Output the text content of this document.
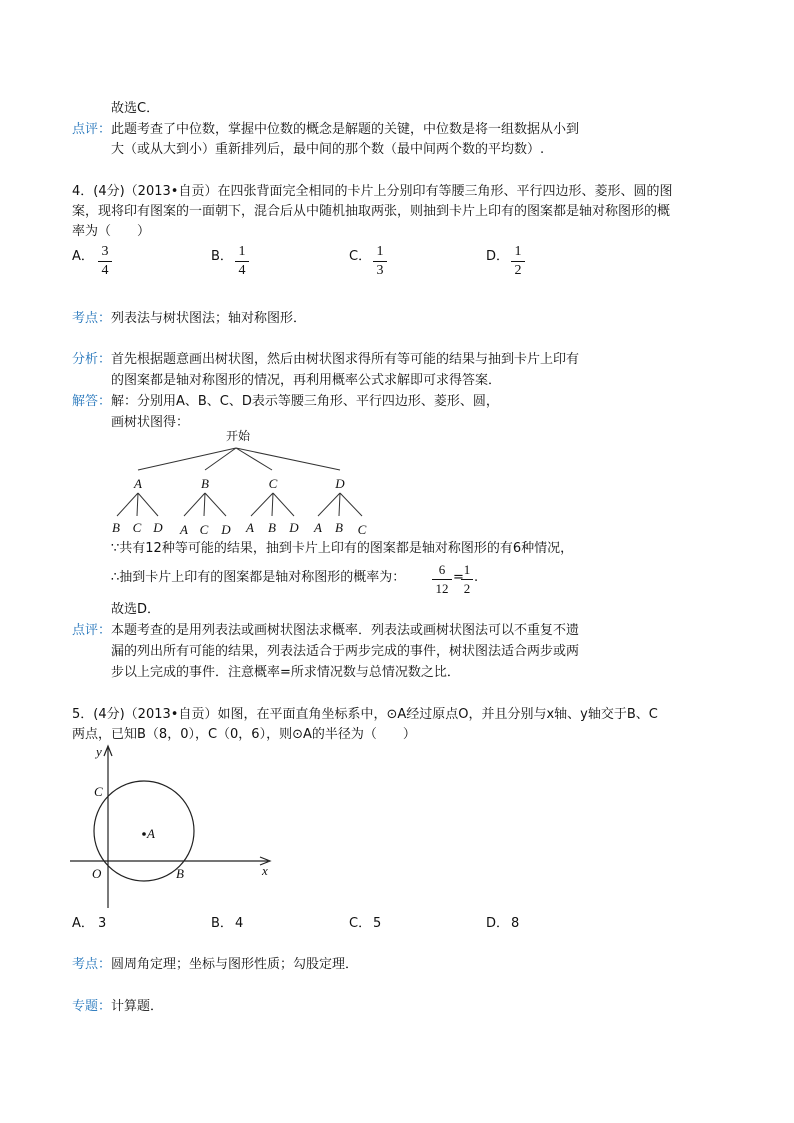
故选C．
点评： 此题考查了中位数，掌握中位数的概念是解题的关键，中位数是将一组数据从小到
大（或从大到小）重新排列后，最中间的那个数（最中间两个数的平均数）.
4．(4分)（2013•自贡）在四张背面完全相同的卡片上分别印有等腰三角形、平行四边形、菱形、圆的图
案，现将印有图案的一面朝下，混合后从中随机抽取两张，则抽到卡片上印有的图案都是轴对称图形的概
率为（　　）
A． 3
4
B． 1
4
C． 1
3
D． 1
2
考点： 列表法与树状图法；轴对称图形．
分析： 首先根据题意画出树状图，然后由树状图求得所有等可能的结果与抽到卡片上印有
的图案都是轴对称图形的情况，再利用概率公式求解即可求得答案．
解答： 解：分别用A、B、C、D表示等腰三角形、平行四边形、菱形、圆，
画树状图得：
开始
A	B	C	D
B C D A C D A B D A B C
∵共有12种等可能的结果，抽到卡片上印有的图案都是轴对称图形的有6种情况，
∴抽到卡片上印有的图案都是轴对称图形的概率为：
6
12
=
1
2
.
故选D．
点评： 本题考查的是用列表法或画树状图法求概率．列表法或画树状图法可以不重复不遗
漏的列出所有可能的结果，列表法适合于两步完成的事件，树状图法适合两步或两
步以上完成的事件．注意概率=所求情况数与总情况数之比．
5．(4分)（2013•自贡）如图，在平面直角坐标系中，⊙A经过原点O，并且分别与x轴、y轴交于B、C
两点，已知B（8，0），C（0，6），则⊙A的半径为（　　）
y
x
O	B
C
A
A． 3	B． 4	C． 5	D． 8
考点： 圆周角定理；坐标与图形性质；勾股定理．
专题： 计算题．
